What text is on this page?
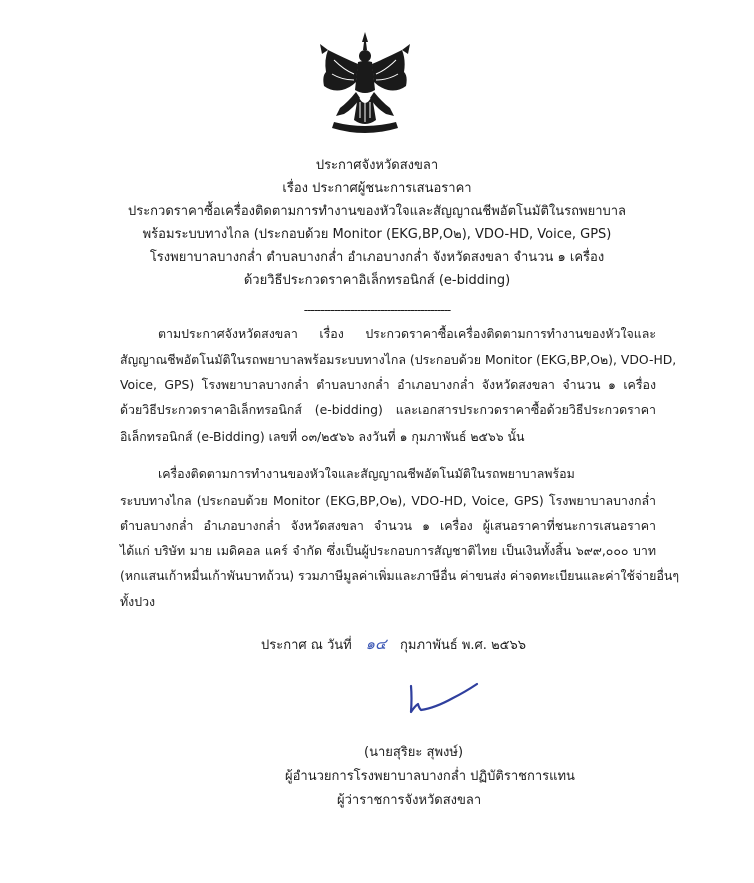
ประกาศจังหวัดสงขลา
เรื่อง ประกาศผู้ชนะการเสนอราคา
ประกวดราคาซื้อเครื่องติดตามการทำงานของหัวใจและสัญญาณชีพอัตโนมัติในรถพยาบาล
พร้อมระบบทางไกล (ประกอบด้วย Monitor (EKG,BP,O๒), VDO-HD, Voice, GPS)
โรงพยาบาลบางกล่ำ ตำบลบางกล่ำ อำเภอบางกล่ำ จังหวัดสงขลา จำนวน ๑ เครื่อง
ด้วยวิธีประกวดราคาอิเล็กทรอนิกส์ (e-bidding)
--------------------------------------------
ตามประกาศจังหวัดสงขลา เรื่อง ประกวดราคาซื้อเครื่องติดตามการทำงานของหัวใจและ
สัญญาณชีพอัตโนมัติในรถพยาบาลพร้อมระบบทางไกล (ประกอบด้วย Monitor (EKG,BP,O๒), VDO-HD,
Voice, GPS) โรงพยาบาลบางกล่ำ ตำบลบางกล่ำ อำเภอบางกล่ำ จังหวัดสงขลา จำนวน ๑ เครื่อง
ด้วยวิธีประกวดราคาอิเล็กทรอนิกส์ (e-bidding) และเอกสารประกวดราคาซื้อด้วยวิธีประกวดราคา
อิเล็กทรอนิกส์ (e-Bidding) เลขที่ ๐๓/๒๕๖๖ ลงวันที่ ๑ กุมภาพันธ์ ๒๕๖๖ นั้น
เครื่องติดตามการทำงานของหัวใจและสัญญาณชีพอัตโนมัติในรถพยาบาลพร้อม
ระบบทางไกล (ประกอบด้วย Monitor (EKG,BP,O๒), VDO-HD, Voice, GPS) โรงพยาบาลบางกล่ำ
ตำบลบางกล่ำ อำเภอบางกล่ำ จังหวัดสงขลา จำนวน ๑ เครื่อง ผู้เสนอราคาที่ชนะการเสนอราคา
ได้แก่ บริษัท มาย เมดิคอล แคร์ จำกัด ซึ่งเป็นผู้ประกอบการสัญชาติไทย เป็นเงินทั้งสิ้น ๖๙๙,๐๐๐ บาท
(หกแสนเก้าหมื่นเก้าพันบาทถ้วน) รวมภาษีมูลค่าเพิ่มและภาษีอื่น ค่าขนส่ง ค่าจดทะเบียนและค่าใช้จ่ายอื่นๆ
ทั้งปวง
ประกาศ ณ วันที่ ๑๔ กุมภาพันธ์ พ.ศ. ๒๕๖๖
(นายสุริยะ สุพงษ์)
ผู้อำนวยการโรงพยาบาลบางกล่ำ ปฏิบัติราชการแทน
ผู้ว่าราชการจังหวัดสงขลา
